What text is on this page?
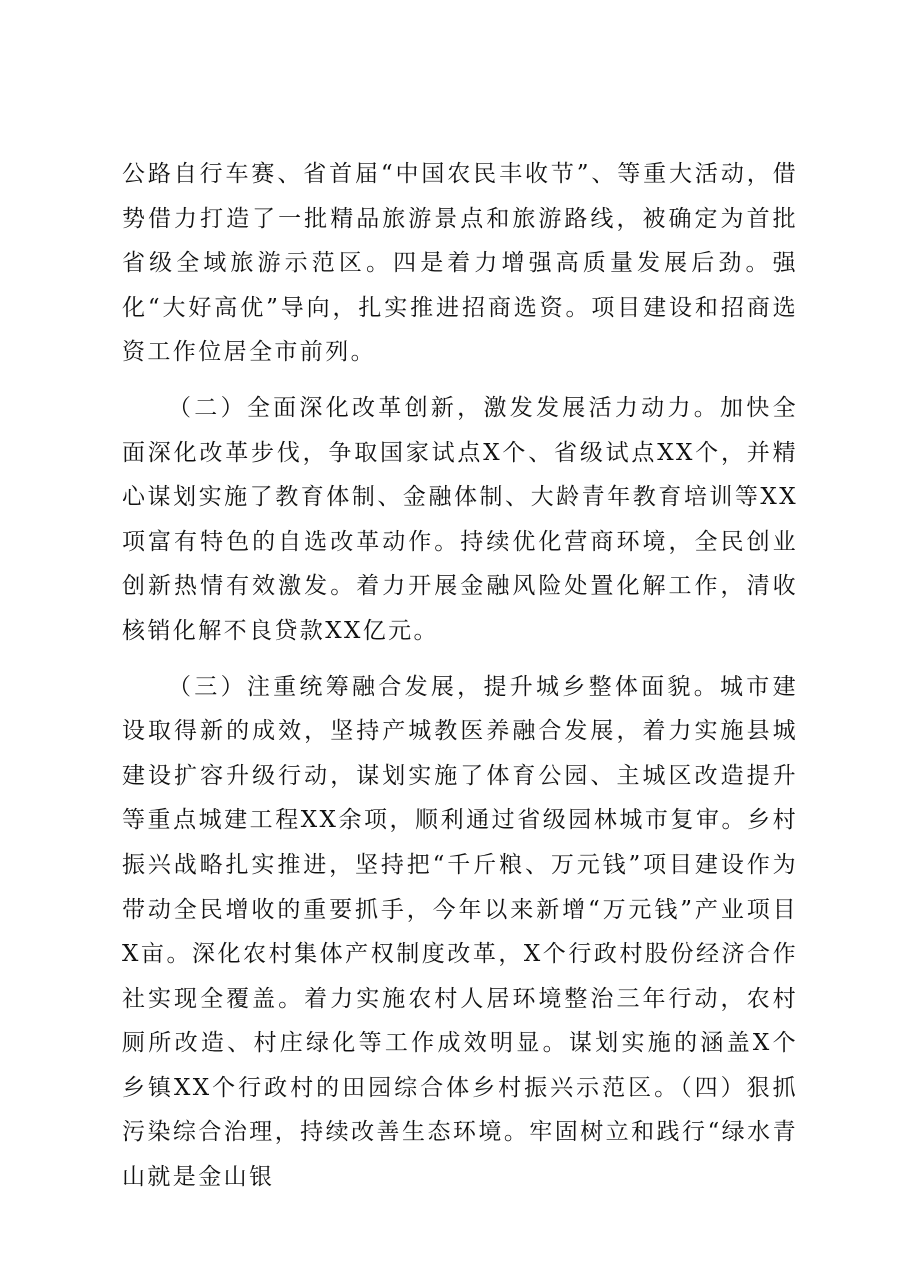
公路自行车赛、省首届“中国农民丰收节”、等重大活动，借势借力打造了一批精品旅游景点和旅游路线，被确定为首批省级全域旅游示范区。四是着力增强高质量发展后劲。强化“大好高优”导向，扎实推进招商选资。项目建设和招商选资工作位居全市前列。

（二）全面深化改革创新，激发发展活力动力。加快全面深化改革步伐，争取国家试点X个、省级试点XX个，并精心谋划实施了教育体制、金融体制、大龄青年教育培训等XX项富有特色的自选改革动作。持续优化营商环境，全民创业创新热情有效激发。着力开展金融风险处置化解工作，清收核销化解不良贷款XX亿元。

（三）注重统筹融合发展，提升城乡整体面貌。城市建设取得新的成效，坚持产城教医养融合发展，着力实施县城建设扩容升级行动，谋划实施了体育公园、主城区改造提升等重点城建工程XX余项，顺利通过省级园林城市复审。乡村振兴战略扎实推进，坚持把“千斤粮、万元钱”项目建设作为带动全民增收的重要抓手，今年以来新增“万元钱”产业项目X亩。深化农村集体产权制度改革，X个行政村股份经济合作社实现全覆盖。着力实施农村人居环境整治三年行动，农村厕所改造、村庄绿化等工作成效明显。谋划实施的涵盖X个乡镇XX个行政村的田园综合体乡村振兴示范区。（四）狠抓污染综合治理，持续改善生态环境。牢固树立和践行“绿水青山就是金山银
